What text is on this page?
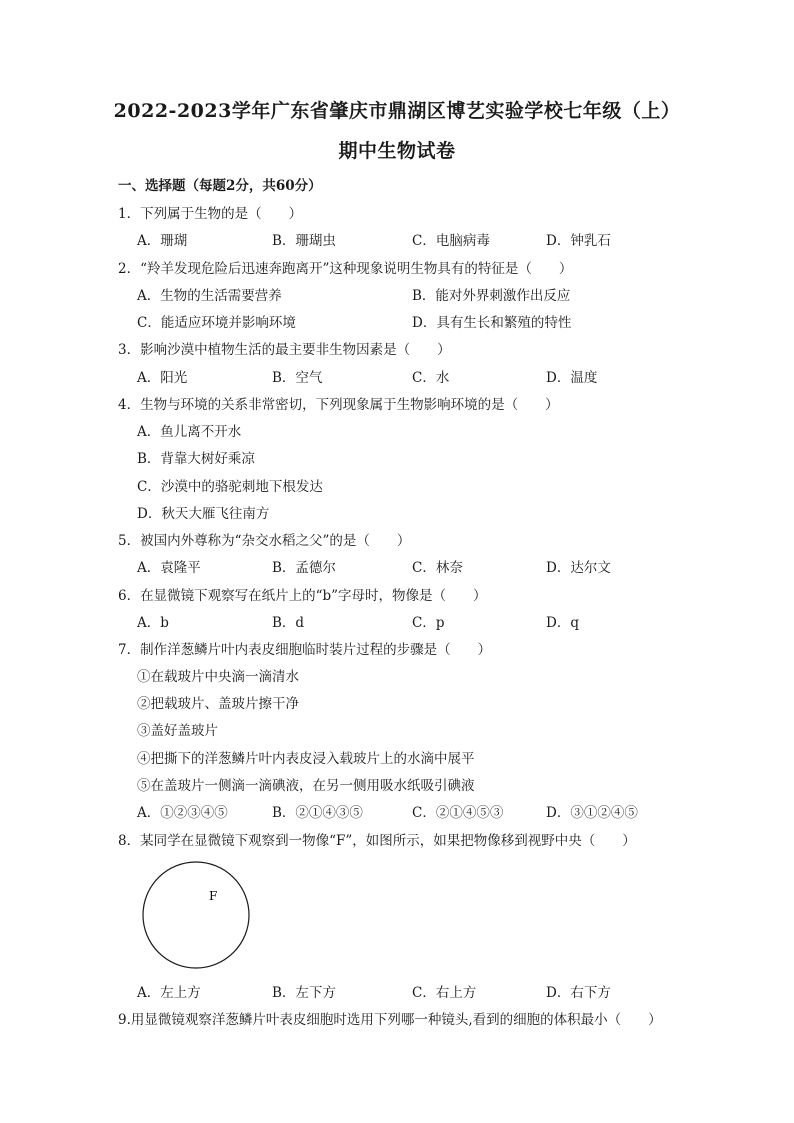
2022-2023学年广东省肇庆市鼎湖区博艺实验学校七年级（上）
期中生物试卷
一、选择题（每题2分，共60分）
1．下列属于生物的是（　　）
A．珊瑚	B．珊瑚虫	C．电脑病毒	D．钟乳石
2．“羚羊发现危险后迅速奔跑离开”这种现象说明生物具有的特征是（　　）
A．生物的生活需要营养	B．能对外界刺激作出反应
C．能适应环境并影响环境	D．具有生长和繁殖的特性
3．影响沙漠中植物生活的最主要非生物因素是（　　）
A．阳光	B．空气	C．水	D．温度
4．生物与环境的关系非常密切，下列现象属于生物影响环境的是（　　）
A．鱼儿离不开水
B．背靠大树好乘凉
C．沙漠中的骆驼刺地下根发达
D．秋天大雁飞往南方
5．被国内外尊称为“杂交水稻之父”的是（　　）
A．袁隆平	B．孟德尔	C．林奈	D．达尔文
6．在显微镜下观察写在纸片上的“b”字母时，物像是（　　）
A．b	B．d	C．p	D．q
7．制作洋葱鳞片叶内表皮细胞临时装片过程的步骤是（　　）
①在载玻片中央滴一滴清水
②把载玻片、盖玻片擦干净
③盖好盖玻片
④把撕下的洋葱鳞片叶内表皮浸入载玻片上的水滴中展平
⑤在盖玻片一侧滴一滴碘液，在另一侧用吸水纸吸引碘液
A．①②③④⑤	B．②①④③⑤	C．②①④⑤③	D．③①②④⑤
8．某同学在显微镜下观察到一物像“F”，如图所示，如果把物像移到视野中央（　　）
F
A．左上方	B．左下方	C．右上方	D．右下方
9.用显微镜观察洋葱鳞片叶表皮细胞时选用下列哪一种镜头,看到的细胞的体积最小（　　）
